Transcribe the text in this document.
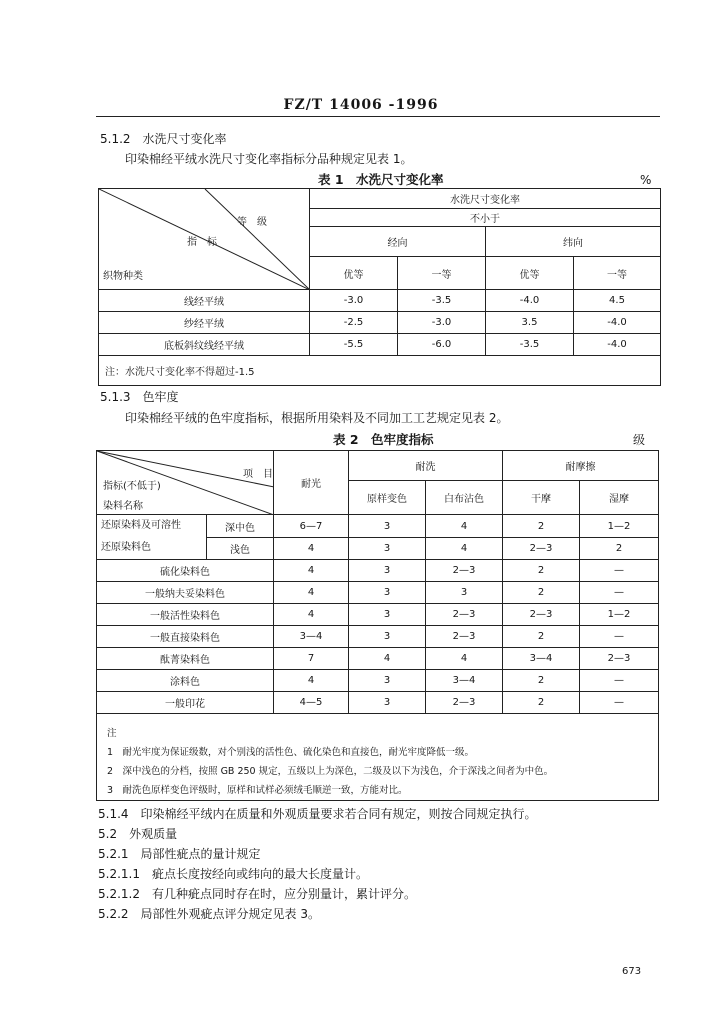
FZ/T 14006 -1996
5.1.2　水洗尺寸变化率
印染棉经平绒水洗尺寸变化率指标分品种规定见表 1。
表 1　水洗尺寸变化率	%
等　级
指　标
织物种类	水洗尺寸变化率			
	不小于			
	经向		纬向	
	优等	一等	优等	一等
线经平绒	-3.0	-3.5	-4.0	4.5
纱经平绒	-2.5	-3.0	3.5	-4.0
底板斜纹线经平绒	-5.5	-6.0	-3.5	-4.0
注：水洗尺寸变化率不得超过-1.5				
5.1.3　色牢度
印染棉经平绒的色牢度指标，根据所用染料及不同加工工艺规定见表 2。
表 2　色牢度指标	级
项　目
指标(不低于)
染料名称		耐光	耐洗		耐摩擦	
			原样变色	白布沾色	干摩	湿摩

还原染料及可溶性
还原染料色	深中色	6—7	3	4	2	1—2
	浅色	4	3	4	2—3	2
硫化染料色		4	3	2—3	2	—
一般纳夫妥染料色		4	3	3	2	—
一般活性染料色		4	3	2—3	2—3	1—2
一般直接染料色		3—4	3	2—3	2	—
酞菁染料色		7	4	4	3—4	2—3
涂料色		4	3	3—4	2	—
一般印花		4—5	3	2—3	2	—

注
1　耐光牢度为保证级数，对个别浅的活性色、硫化染色和直接色，耐光牢度降低一级。
2　深中浅色的分档，按照 GB 250 规定，五级以上为深色，二级及以下为浅色，介于深浅之间者为中色。
3　耐洗色原样变色评级时，原样和试样必须绒毛顺逆一致，方能对比。						
5.1.4　印染棉经平绒内在质量和外观质量要求若合同有规定，则按合同规定执行。
5.2　外观质量
5.2.1　局部性疵点的量计规定
5.2.1.1　疵点长度按经向或纬向的最大长度量计。
5.2.1.2　有几种疵点同时存在时，应分别量计，累计评分。
5.2.2　局部性外观疵点评分规定见表 3。
673
